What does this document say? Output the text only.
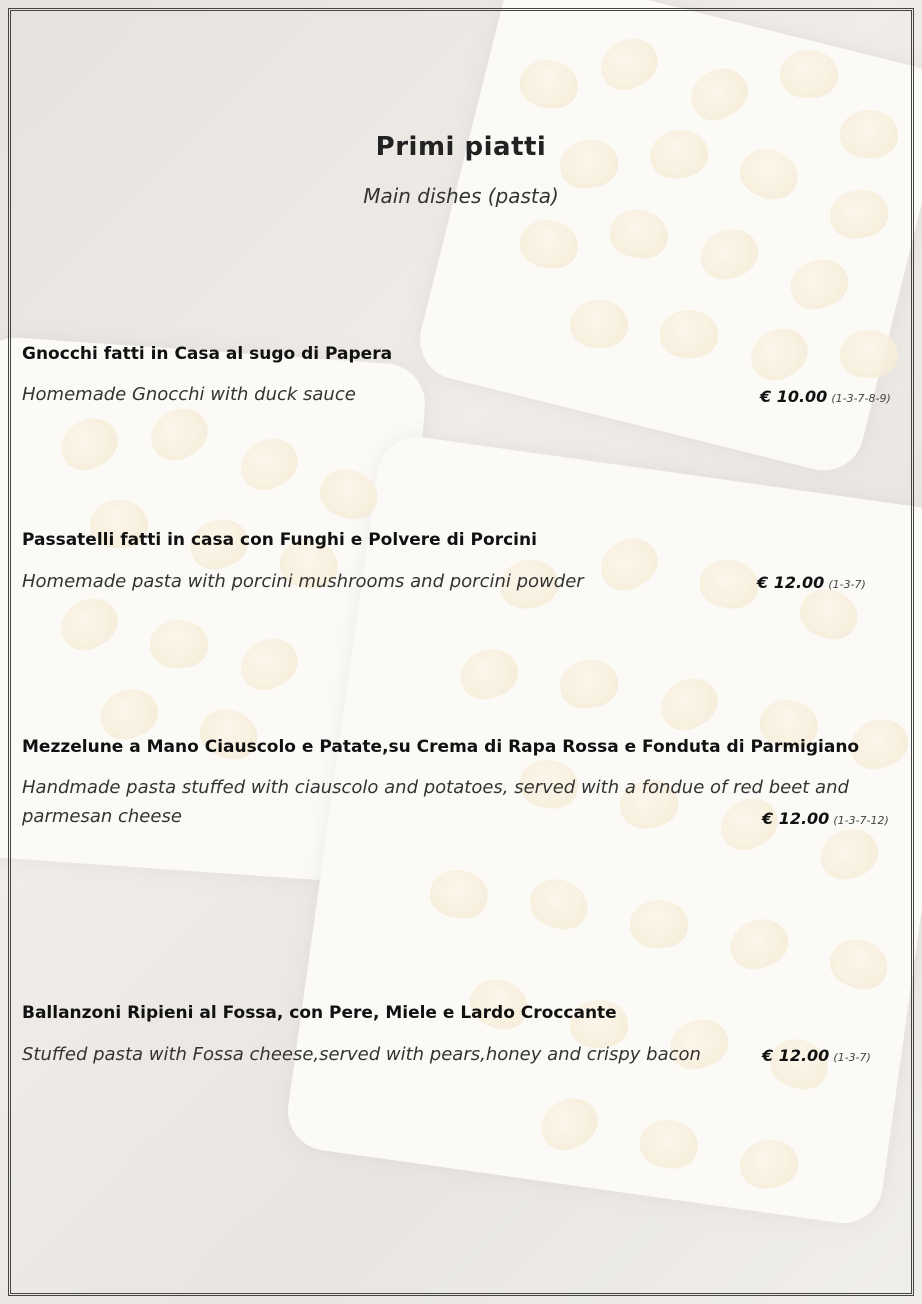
Primi piatti
Main dishes (pasta)
Gnocchi fatti in Casa al sugo di Papera
Homemade Gnocchi with duck sauce	€ 10.00 (1-3-7-8-9)
Passatelli fatti in casa con Funghi e Polvere di Porcini
Homemade pasta with porcini mushrooms and porcini powder	€ 12.00 (1-3-7)
Mezzelune a Mano Ciauscolo e Patate,su Crema di Rapa Rossa e Fonduta di Parmigiano
Handmade pasta stuffed with ciauscolo and potatoes, served with a fondue of red beet and parmesan cheese	€ 12.00 (1-3-7-12)
Ballanzoni Ripieni al Fossa, con Pere, Miele e Lardo Croccante
Stuffed pasta with Fossa cheese,served with pears,honey and crispy bacon	€ 12.00 (1-3-7)
